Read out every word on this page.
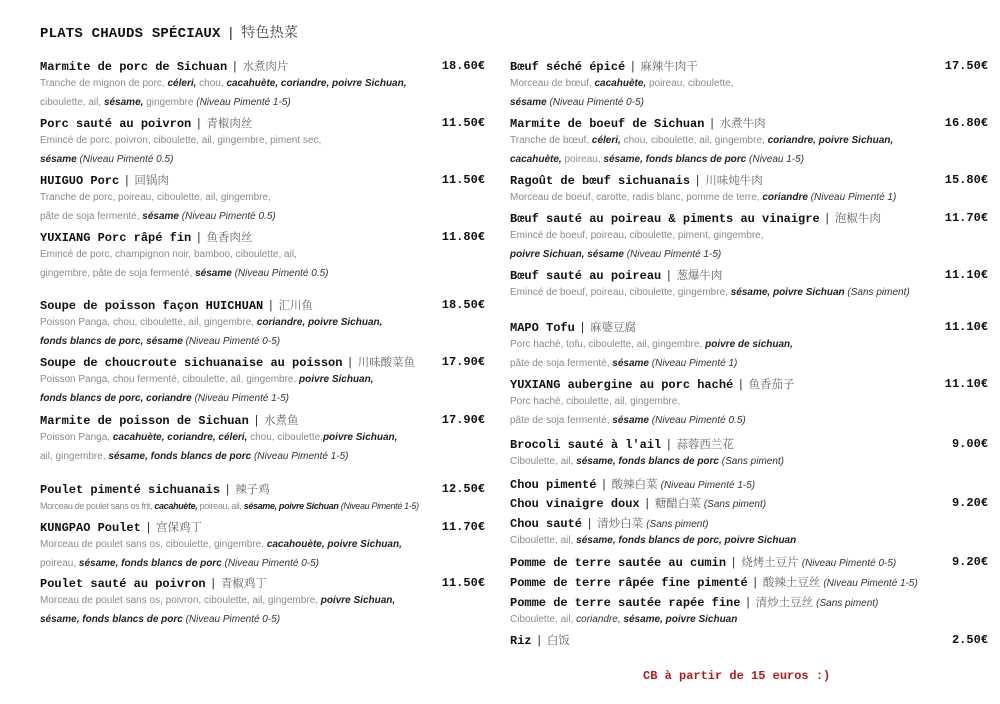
PLATS CHAUDS SPÉCIAUX | 特色热菜
Marmite de porc de Sichuan | 水煮肉片	18.60€
Tranche de mignon de porc, céleri, chou, cacahuète, coriandre, poivre Sichuan,
ciboulette, ail, sésame, gingembre (Niveau Pimenté 1-5)
Porc sauté au poivron | 青椒肉丝	11.50€
Emincé de porc, poivron, ciboulette, ail, gingembre, piment sec,
sésame (Niveau Pimenté 0.5)
HUIGUO Porc | 回锅肉	11.50€
Tranche de porc, poireau, ciboulette, ail, gingembre,
pâte de soja fermenté, sésame (Niveau Pimenté 0.5)
YUXIANG Porc râpé fin | 鱼香肉丝	11.80€
Emincé de porc, champignon noir, bamboo, ciboulette, ail,
gingembre, pâte de soja fermenté, sésame (Niveau Pimenté 0.5)
Soupe de poisson façon HUICHUAN | 汇川鱼	18.50€
Poisson Panga, chou, ciboulette, ail, gingembre, coriandre, poivre Sichuan,
fonds blancs de porc, sésame (Niveau Pimenté 0-5)
Soupe de choucroute sichuanaise au poisson | 川味酸菜鱼 17.90€
Poisson Panga, chou fermenté, ciboulette, ail, gingembre, poivre Sichuan,
fonds blancs de porc, coriandre (Niveau Pimenté 1-5)
Marmite de poisson de Sichuan | 水煮鱼	17.90€
Poisson Panga, cacahuète, coriandre, céleri, chou, ciboulette,poivre Sichuan,
ail, gingembre, sésame, fonds blancs de porc (Niveau Pimenté 1-5)
Poulet pimenté sichuanais | 辣子鸡	12.50€
Morceau de poulet sans os frit, cacahuète, poireau, ail, sésame, poivre Sichuan (Niveau Pimenté 1-5)
KUNGPAO Poulet | 宫保鸡丁	11.70€
Morceau de poulet sans os, ciboulette, gingembre, cacahouète, poivre Sichuan,
poireau, sésame, fonds blancs de porc (Niveau Pimenté 0-5)
Poulet sauté au poivron | 青椒鸡丁	11.50€
Morceau de poulet sans os, poivron, ciboulette, ail, gingembre, poivre Sichuan,
sésame, fonds blancs de porc (Niveau Pimenté 0-5)
Bœuf séché épicé | 麻辣牛肉干	17.50€
Morceau de bœuf, cacahuète, poireau, ciboulette,
sésame (Niveau Pimenté 0-5)
Marmite de boeuf de Sichuan | 水煮牛肉	16.80€
Tranche de bœuf, céleri, chou, ciboulette, ail, gingembre, coriandre, poivre Sichuan,
cacahuète, poireau, sésame, fonds blancs de porc (Niveau 1-5)
Ragoût de bœuf sichuanais | 川味炖牛肉	15.80€
Morceau de boeuf, carotte, radis blanc, pomme de terre, coriandre (Niveau Pimenté 1)
Bœuf sauté au poireau & piments au vinaigre | 泡椒牛肉	11.70€
Emincé de boeuf, poireau, ciboulette, piment, gingembre,
poivre Sichuan, sésame (Niveau Pimenté 1-5)
Bœuf sauté au poireau | 葱爆牛肉	11.10€
Emincé de boeuf, poireau, ciboulette, gingembre, sésame, poivre Sichuan (Sans piment)
MAPO Tofu | 麻婆豆腐	11.10€
Porc haché, tofu, ciboulette, ail, gingembre, poivre de sichuan,
pâte de soja fermenté, sésame (Niveau Pimenté 1)
YUXIANG aubergine au porc haché | 鱼香茄子	11.10€
Porc haché, ciboulette, ail, gingembre,
pâte de soja fermenté, sésame (Niveau Pimenté 0.5)
Brocoli sauté à l'ail | 蒜蓉西兰花	9.00€
Ciboulette, ail, sésame, fonds blancs de porc (Sans piment)
Chou pimenté | 酸辣白菜 (Niveau Pimenté 1-5)
Chou vinaigre doux | 糖醋白菜 (Sans piment)	9.20€
Chou sauté | 清炒白菜 (Sans piment)
Ciboulette, ail, sésame, fonds blancs de porc, poivre Sichuan
Pomme de terre sautée au cumin | 烧烤土豆片 (Niveau Pimenté 0-5)	9.20€
Pomme de terre râpée fine pimenté | 酸辣土豆丝 (Niveau Pimenté 1-5)
Pomme de terre sautée rapée fine | 清炒土豆丝 (Sans piment)
Ciboulette, ail, coriandre, sésame, poivre Sichuan
Riz | 白饭	2.50€
CB à partir de 15 euros :)
